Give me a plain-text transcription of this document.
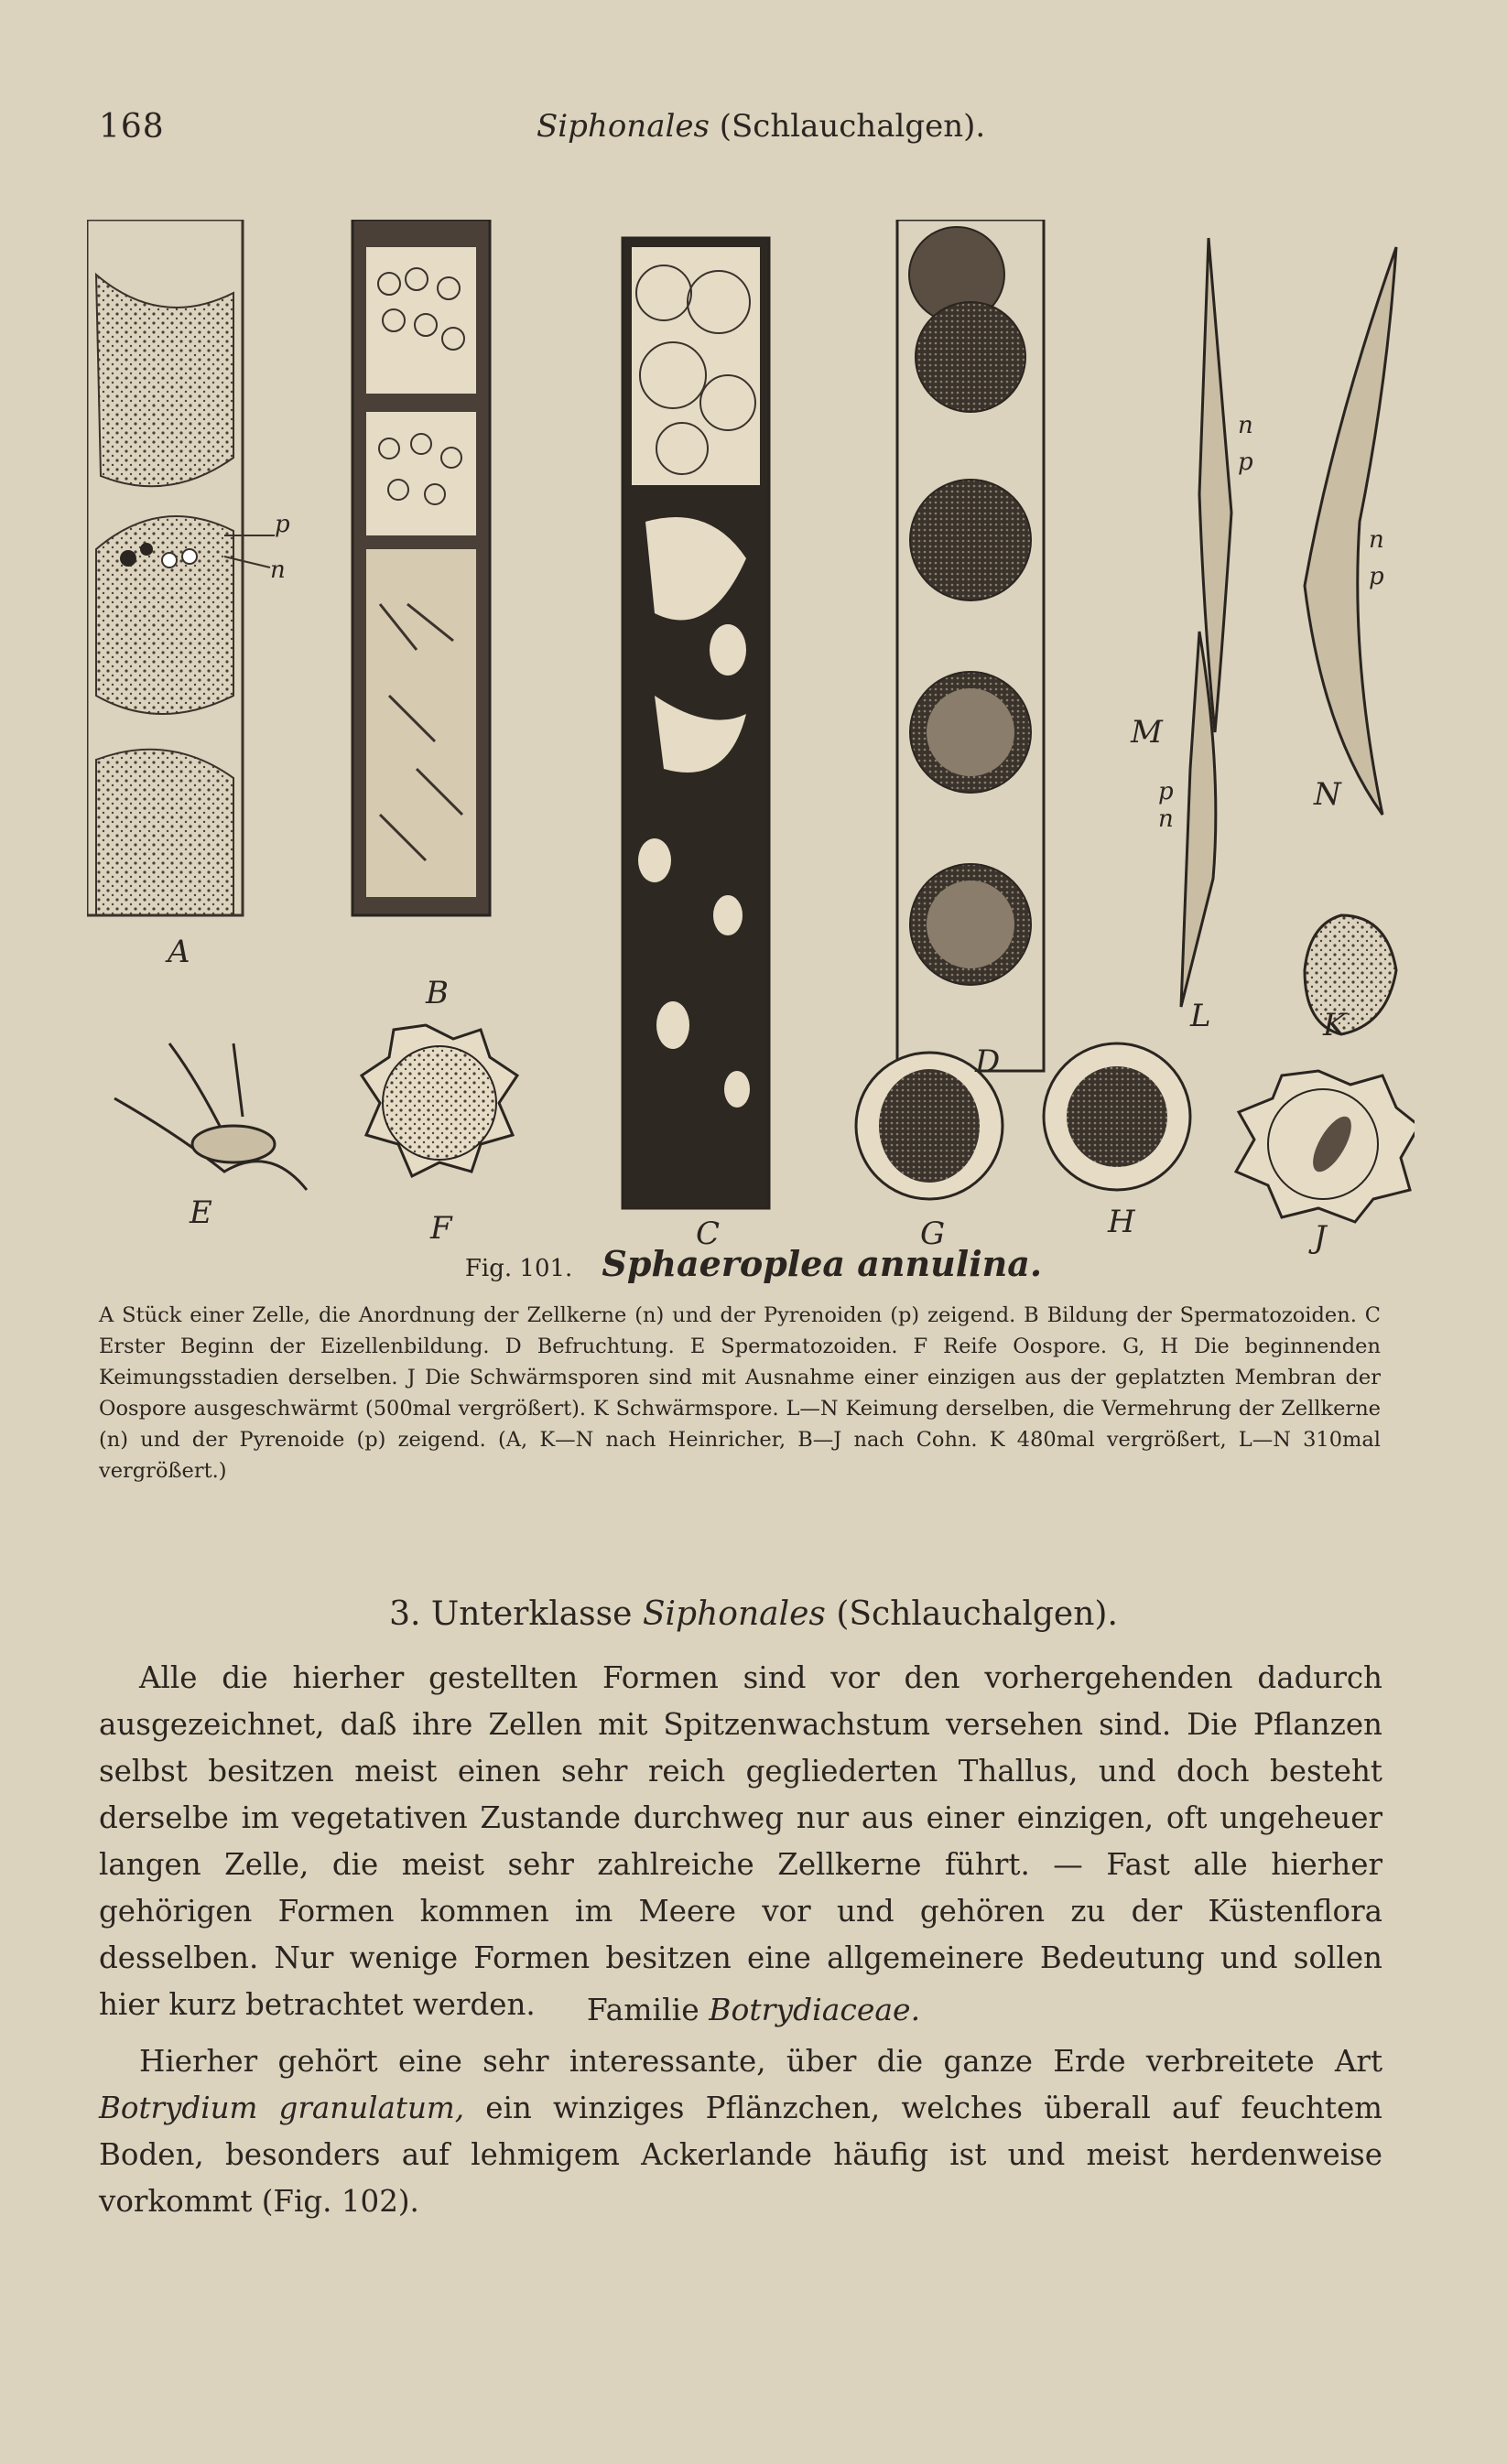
168	Siphonales (Schlauchalgen).
A
B
C
D
E	F	G	H	J
K
L
M
N
p
n
n
p
n
p
p
n
Fig. 101. Sphaeroplea annulina.

A Stück einer Zelle, die Anordnung der Zellkerne (n) und der Pyrenoiden (p) zeigend. B Bildung der Spermatozoiden. C Erster Beginn der Eizellenbildung. D Befruchtung. E Spermatozoiden. F Reife Oospore. G, H Die beginnenden Keimungsstadien derselben. J Die Schwärmsporen sind mit Ausnahme einer einzigen aus der geplatzten Membran der Oospore ausgeschwärmt (500mal vergrößert). K Schwärmspore. L—N Keimung derselben, die Vermehrung der Zellkerne (n) und der Pyrenoide (p) zeigend. (A, K—N nach Heinricher, B—J nach Cohn. K 480mal vergrößert, L—N 310mal vergrößert.)

3. Unterklasse Siphonales (Schlauchalgen).

Alle die hierher gestellten Formen sind vor den vorhergehenden dadurch ausgezeichnet, daß ihre Zellen mit Spitzenwachstum versehen sind. Die Pflanzen selbst besitzen meist einen sehr reich gegliederten Thallus, und doch besteht derselbe im vegetativen Zustande durchweg nur aus einer einzigen, oft ungeheuer langen Zelle, die meist sehr zahlreiche Zellkerne führt. — Fast alle hierher gehörigen Formen kommen im Meere vor und gehören zu der Küstenflora desselben. Nur wenige Formen besitzen eine allgemeinere Bedeutung und sollen hier kurz betrachtet werden.	Familie Botrydiaceae.

Hierher gehört eine sehr interessante, über die ganze Erde verbreitete Art Botrydium granulatum, ein winziges Pflänzchen, welches überall auf feuchtem Boden, besonders auf lehmigem Ackerlande häufig ist und meist herdenweise vorkommt (Fig. 102).
